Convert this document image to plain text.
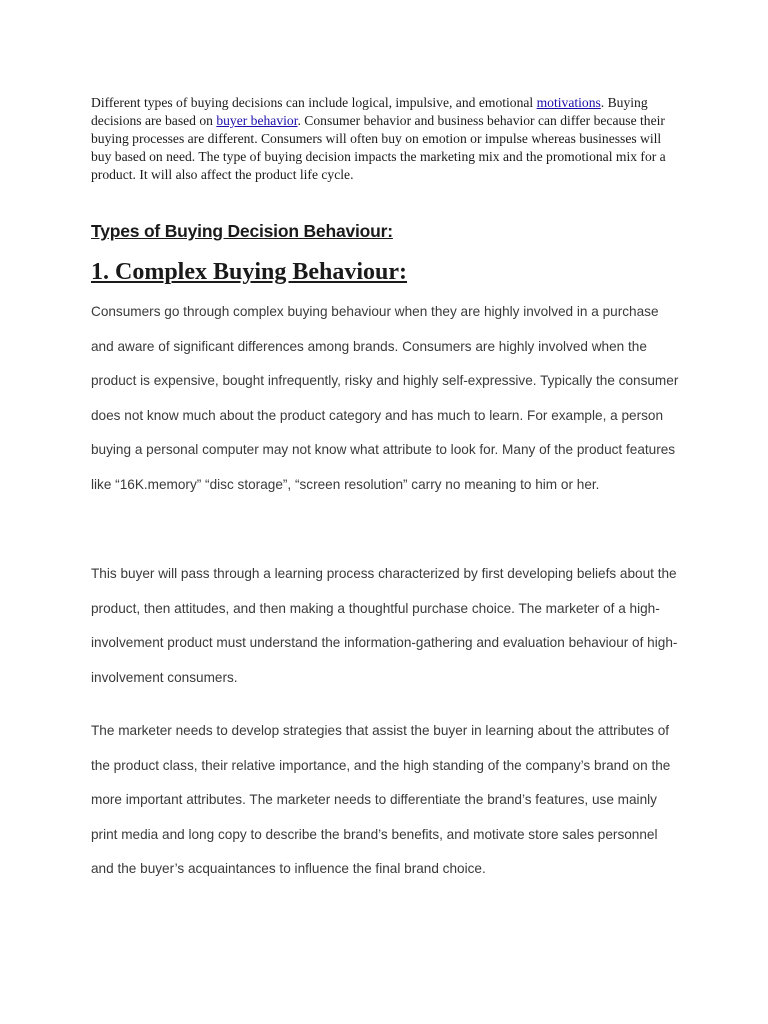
Different types of buying decisions can include logical, impulsive, and emotional motivations. Buying decisions are based on buyer behavior. Consumer behavior and business behavior can differ because their buying processes are different. Consumers will often buy on emotion or impulse whereas businesses will buy based on need. The type of buying decision impacts the marketing mix and the promotional mix for a product. It will also affect the product life cycle.

Types of Buying Decision Behaviour:
1. Complex Buying Behaviour:

Consumers go through complex buying behaviour when they are highly involved in a purchase and aware of significant differences among brands. Consumers are highly involved when the product is expensive, bought infrequently, risky and highly self-expressive. Typically the consumer does not know much about the product category and has much to learn. For example, a person buying a personal computer may not know what attribute to look for. Many of the product features like “16K.memory” “disc storage”, “screen resolution” carry no meaning to him or her.

This buyer will pass through a learning process characterized by first developing beliefs about the product, then attitudes, and then making a thoughtful purchase choice. The marketer of a high-involvement product must understand the information-gathering and evaluation behaviour of high-involvement consumers.

The marketer needs to develop strategies that assist the buyer in learning about the attributes of the product class, their relative importance, and the high standing of the company’s brand on the more important attributes. The marketer needs to differentiate the brand’s features, use mainly print media and long copy to describe the brand’s benefits, and motivate store sales personnel and the buyer’s acquaintances to influence the final brand choice.
